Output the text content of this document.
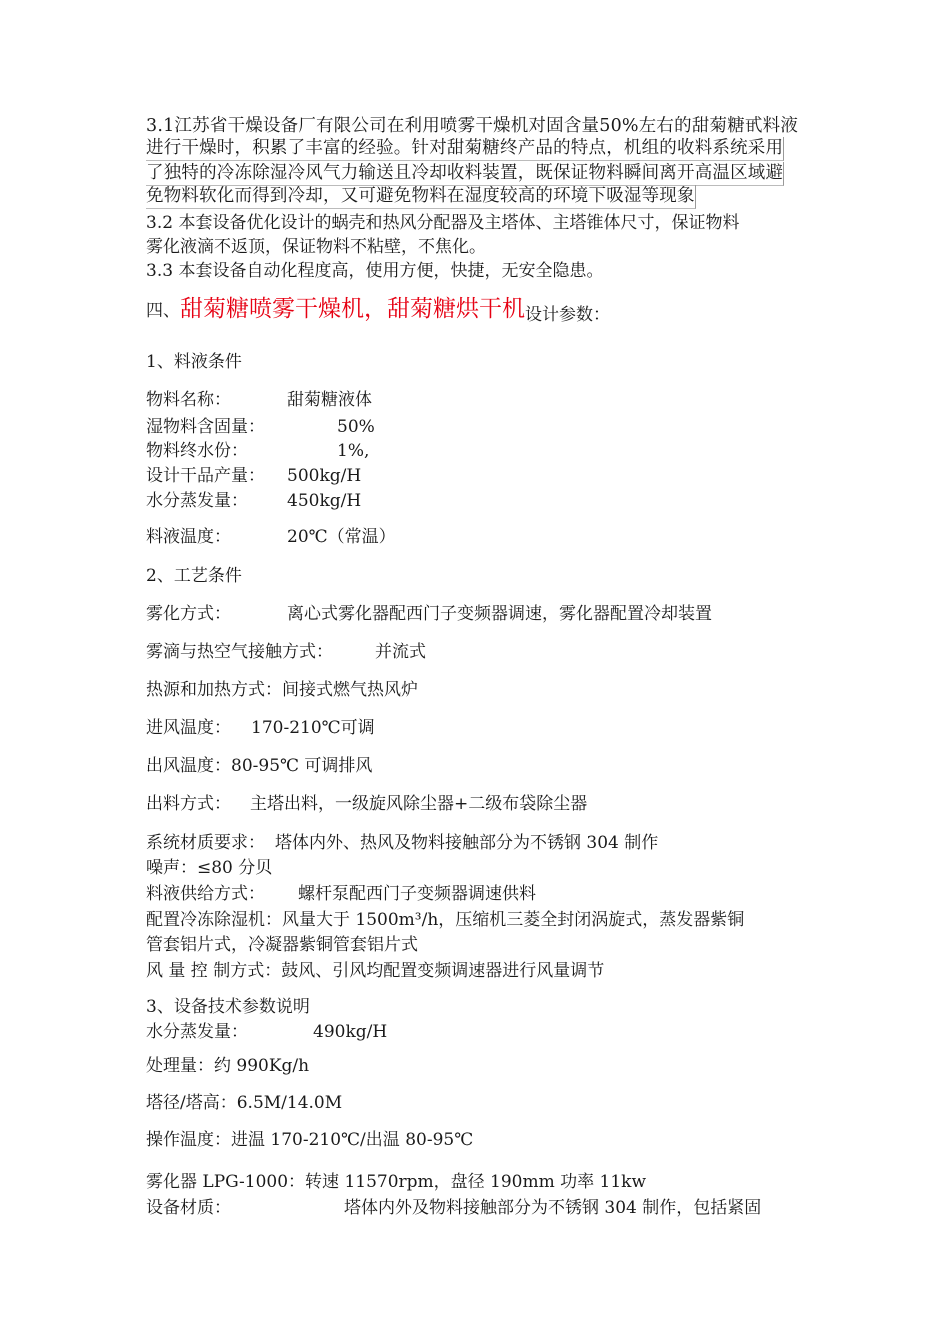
3.1江苏省干燥设备厂有限公司在利用喷雾干燥机对固含量50%左右的甜菊糖甙料液
进行干燥时，积累了丰富的经验。针对甜菊糖终产品的特点，机组的收料系统采用
了独特的冷冻除湿冷风气力输送且冷却收料装置，既保证物料瞬间离开高温区域避
免物料软化而得到冷却，又可避免物料在湿度较高的环境下吸湿等现象
3.2 本套设备优化设计的蜗壳和热风分配器及主塔体、主塔锥体尺寸，保证物料
雾化液滴不返顶，保证物料不粘壁，不焦化。
3.3 本套设备自动化程度高，使用方便，快捷，无安全隐患。
四、甜菊糖喷雾干燥机，甜菊糖烘干机设计参数：
1、料液条件
物料名称：	甜菊糖液体
湿物料含固量：	50%
物料终水份：	1%,
设计干品产量： 500kg/H
水分蒸发量： 450kg/H
料液温度：	20℃（常温）
2、工艺条件
雾化方式：	离心式雾化器配西门子变频器调速，雾化器配置冷却装置
雾滴与热空气接触方式： 并流式
热源和加热方式：间接式燃气热风炉
进风温度： 170-210℃可调
出风温度：80-95℃ 可调排风
出料方式： 主塔出料，一级旋风除尘器+二级布袋除尘器
系统材质要求： 塔体内外、热风及物料接触部分为不锈钢 304 制作
噪声：≤80 分贝
料液供给方式： 螺杆泵配西门子变频器调速供料
配置冷冻除湿机：风量大于 1500m³/h，压缩机三菱全封闭涡旋式，蒸发器紫铜
管套铝片式，冷凝器紫铜管套铝片式
风 量 控 制方式：鼓风、引风均配置变频调速器进行风量调节
3、设备技术参数说明
水分蒸发量：	490kg/H
处理量：约 990Kg/h
塔径/塔高：6.5M/14.0M
操作温度：进温 170-210℃/出温 80-95℃
雾化器 LPG-1000：转速 11570rpm，盘径 190mm 功率 11kw
设备材质：	塔体内外及物料接触部分为不锈钢 304 制作，包括紧固
